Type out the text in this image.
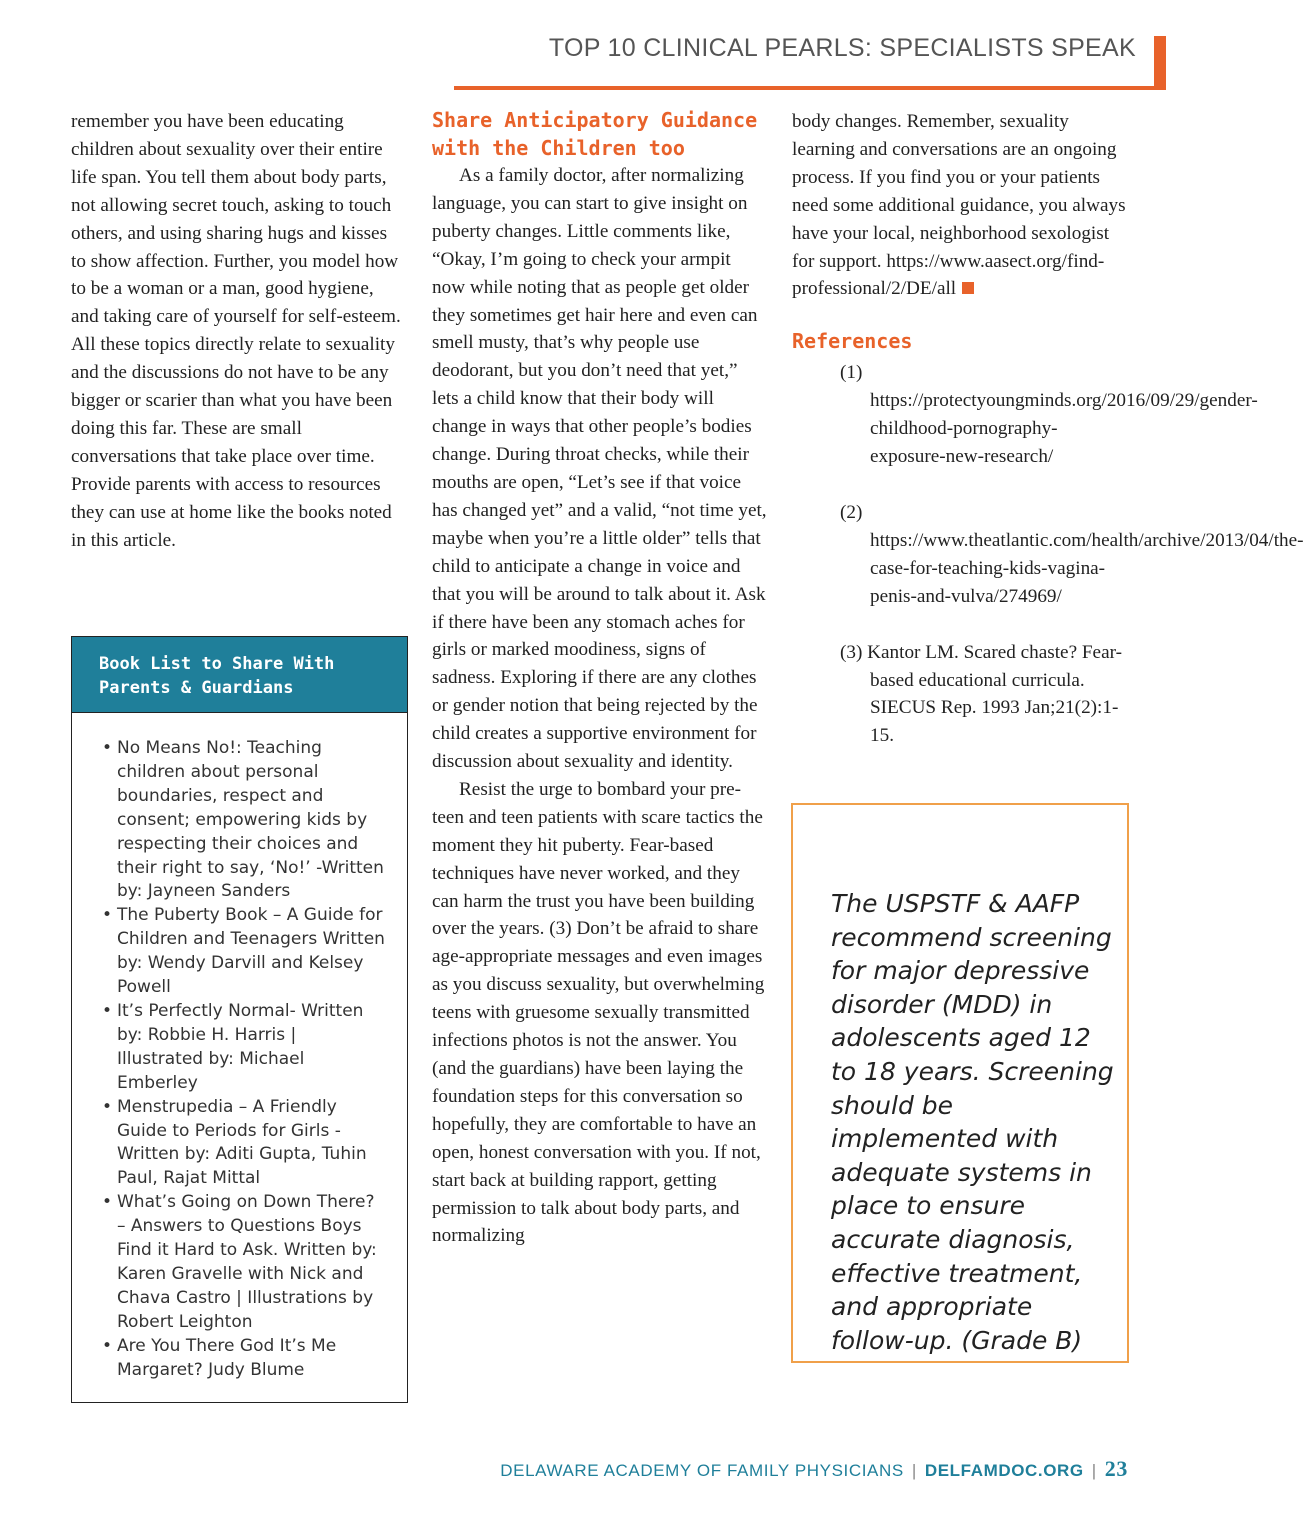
TOP 10 CLINICAL PEARLS: SPECIALISTS SPEAK

remember you have been educating children about sexuality over their entire life span. You tell them about body parts, not allowing secret touch, asking to touch others, and using sharing hugs and kisses to show affection. Further, you model how to be a woman or a man, good hygiene, and taking care of yourself for self-esteem. All these topics directly relate to sexuality and the discussions do not have to be any bigger or scarier than what you have been doing this far. These are small conversations that take place over time. Provide parents with access to resources they can use at home like the books noted in this article.

Book List to Share With Parents & Guardians
• No Means No!: Teaching children about personal boundaries, respect and consent; empowering kids by respecting their choices and their right to say, ‘No!’ -Written by: Jayneen Sanders
• The Puberty Book – A Guide for Children and Teenagers Written by: Wendy Darvill and Kelsey Powell
• It’s Perfectly Normal- Written by: Robbie H. Harris | Illustrated by: Michael Emberley
• Menstrupedia – A Friendly Guide to Periods for Girls - Written by: Aditi Gupta, Tuhin Paul, Rajat Mittal
• What’s Going on Down There? – Answers to Questions Boys Find it Hard to Ask. Written by: Karen Gravelle with Nick and Chava Castro | Illustrations by Robert Leighton
• Are You There God It’s Me Margaret? Judy Blume
Share Anticipatory Guidance with the Children too

As a family doctor, after normalizing language, you can start to give insight on puberty changes. Little comments like, “Okay, I’m going to check your armpit now while noting that as people get older they sometimes get hair here and even can smell musty, that’s why people use deodorant, but you don’t need that yet,” lets a child know that their body will change in ways that other people’s bodies change. During throat checks, while their mouths are open, “Let’s see if that voice has changed yet” and a valid, “not time yet, maybe when you’re a little older” tells that child to anticipate a change in voice and that you will be around to talk about it. Ask if there have been any stomach aches for girls or marked moodiness, signs of sadness. Exploring if there are any clothes or gender notion that being rejected by the child creates a supportive environment for discussion about sexuality and identity.

Resist the urge to bombard your pre-teen and teen patients with scare tactics the moment they hit puberty. Fear-based techniques have never worked, and they can harm the trust you have been building over the years. (3) Don’t be afraid to share age-appropriate messages and even images as you discuss sexuality, but overwhelming teens with gruesome sexually transmitted infections photos is not the answer. You (and the guardians) have been laying the foundation steps for this conversation so hopefully, they are comfortable to have an open, honest conversation with you. If not, start back at building rapport, getting permission to talk about body parts, and normalizing

body changes. Remember, sexuality learning and conversations are an ongoing process. If you find you or your patients need some additional guidance, you always have your local, neighborhood sexologist for support. https://www.aasect.org/find-professional/2/DE/all

References
(1) https://protectyoungminds.org/2016/09/29/gender-childhood-pornography-exposure-new-research/
(2) https://www.theatlantic.com/health/archive/2013/04/the-case-for-teaching-kids-vagina-penis-and-vulva/274969/
(3) Kantor LM. Scared chaste? Fear-based educational curricula. SIECUS Rep. 1993 Jan;21(2):1-15.

The USPSTF & AAFP recommend screening for major depressive disorder (MDD) in adolescents aged 12 to 18 years. Screening should be implemented with adequate systems in place to ensure accurate diagnosis, effective treatment, and appropriate follow-up. (Grade B)

DELAWARE ACADEMY OF FAMILY PHYSICIANS | DELFAMDOC.ORG | 23
